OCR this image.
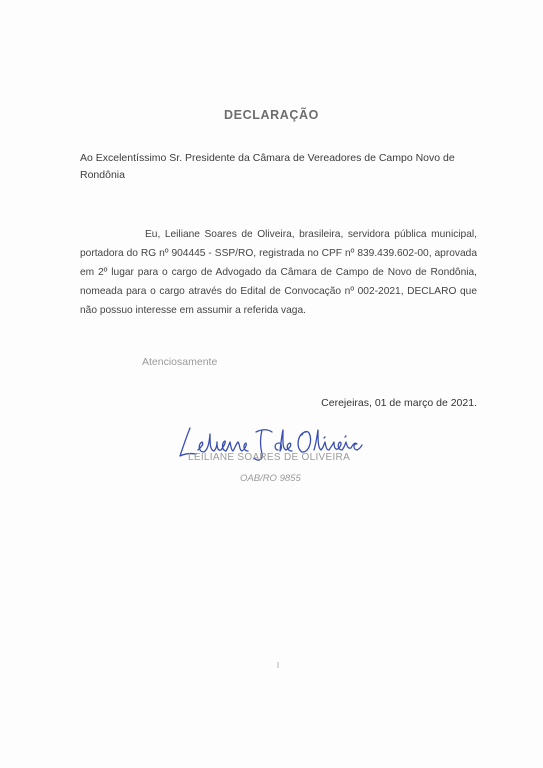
DECLARAÇÃO
Ao Excelentíssimo Sr. Presidente da Câmara de Vereadores de Campo Novo de Rondônia
Eu, Leiliane Soares de Oliveira, brasileira, servidora pública municipal, portadora do RG nº 904445 - SSP/RO, registrada no CPF nº 839.439.602-00, aprovada em 2º lugar para o cargo de Advogado da Câmara de Campo de Novo de Rondônia, nomeada para o cargo através do Edital de Convocação nº 002-2021, DECLARO que não possuo interesse em assumir a referida vaga.
Atenciosamente
Cerejeiras, 01 de março de 2021.
LEILIANE SOARES DE OLIVEIRA
OAB/RO 9855
